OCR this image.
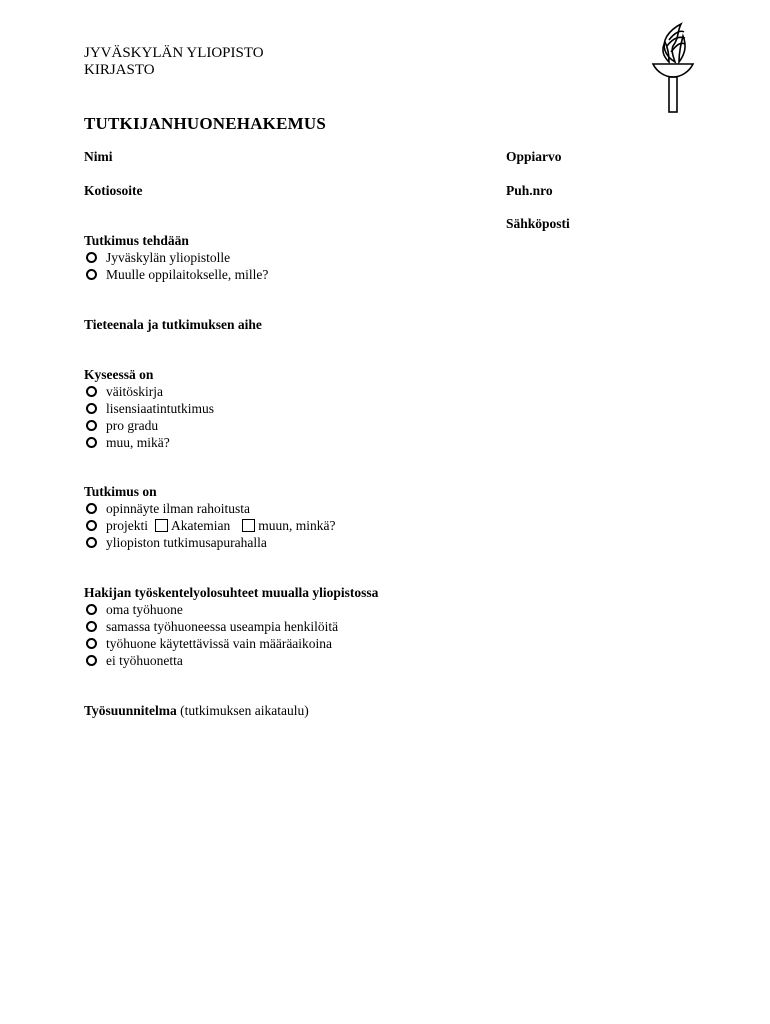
JYVÄSKYLÄN YLIOPISTO
KIRJASTO
TUTKIJANHUONEHAKEMUS
Nimi	Oppiarvo
Kotiosoite	Puh.nro
Sähköposti
Tutkimus tehdään
Jyväskylän yliopistolle
Muulle oppilaitokselle, mille?
Tieteenala ja tutkimuksen aihe
Kyseessä on
väitöskirja
lisensiaatintutkimus
pro gradu
muu, mikä?
Tutkimus on
opinnäyte ilman rahoitusta
projekti Akatemian muun, minkä?
yliopiston tutkimusapurahalla
Hakijan työskentelyolosuhteet muualla yliopistossa
oma työhuone
samassa työhuoneessa useampia henkilöitä
työhuone käytettävissä vain määräaikoina
ei työhuonetta
Työsuunnitelma (tutkimuksen aikataulu)
